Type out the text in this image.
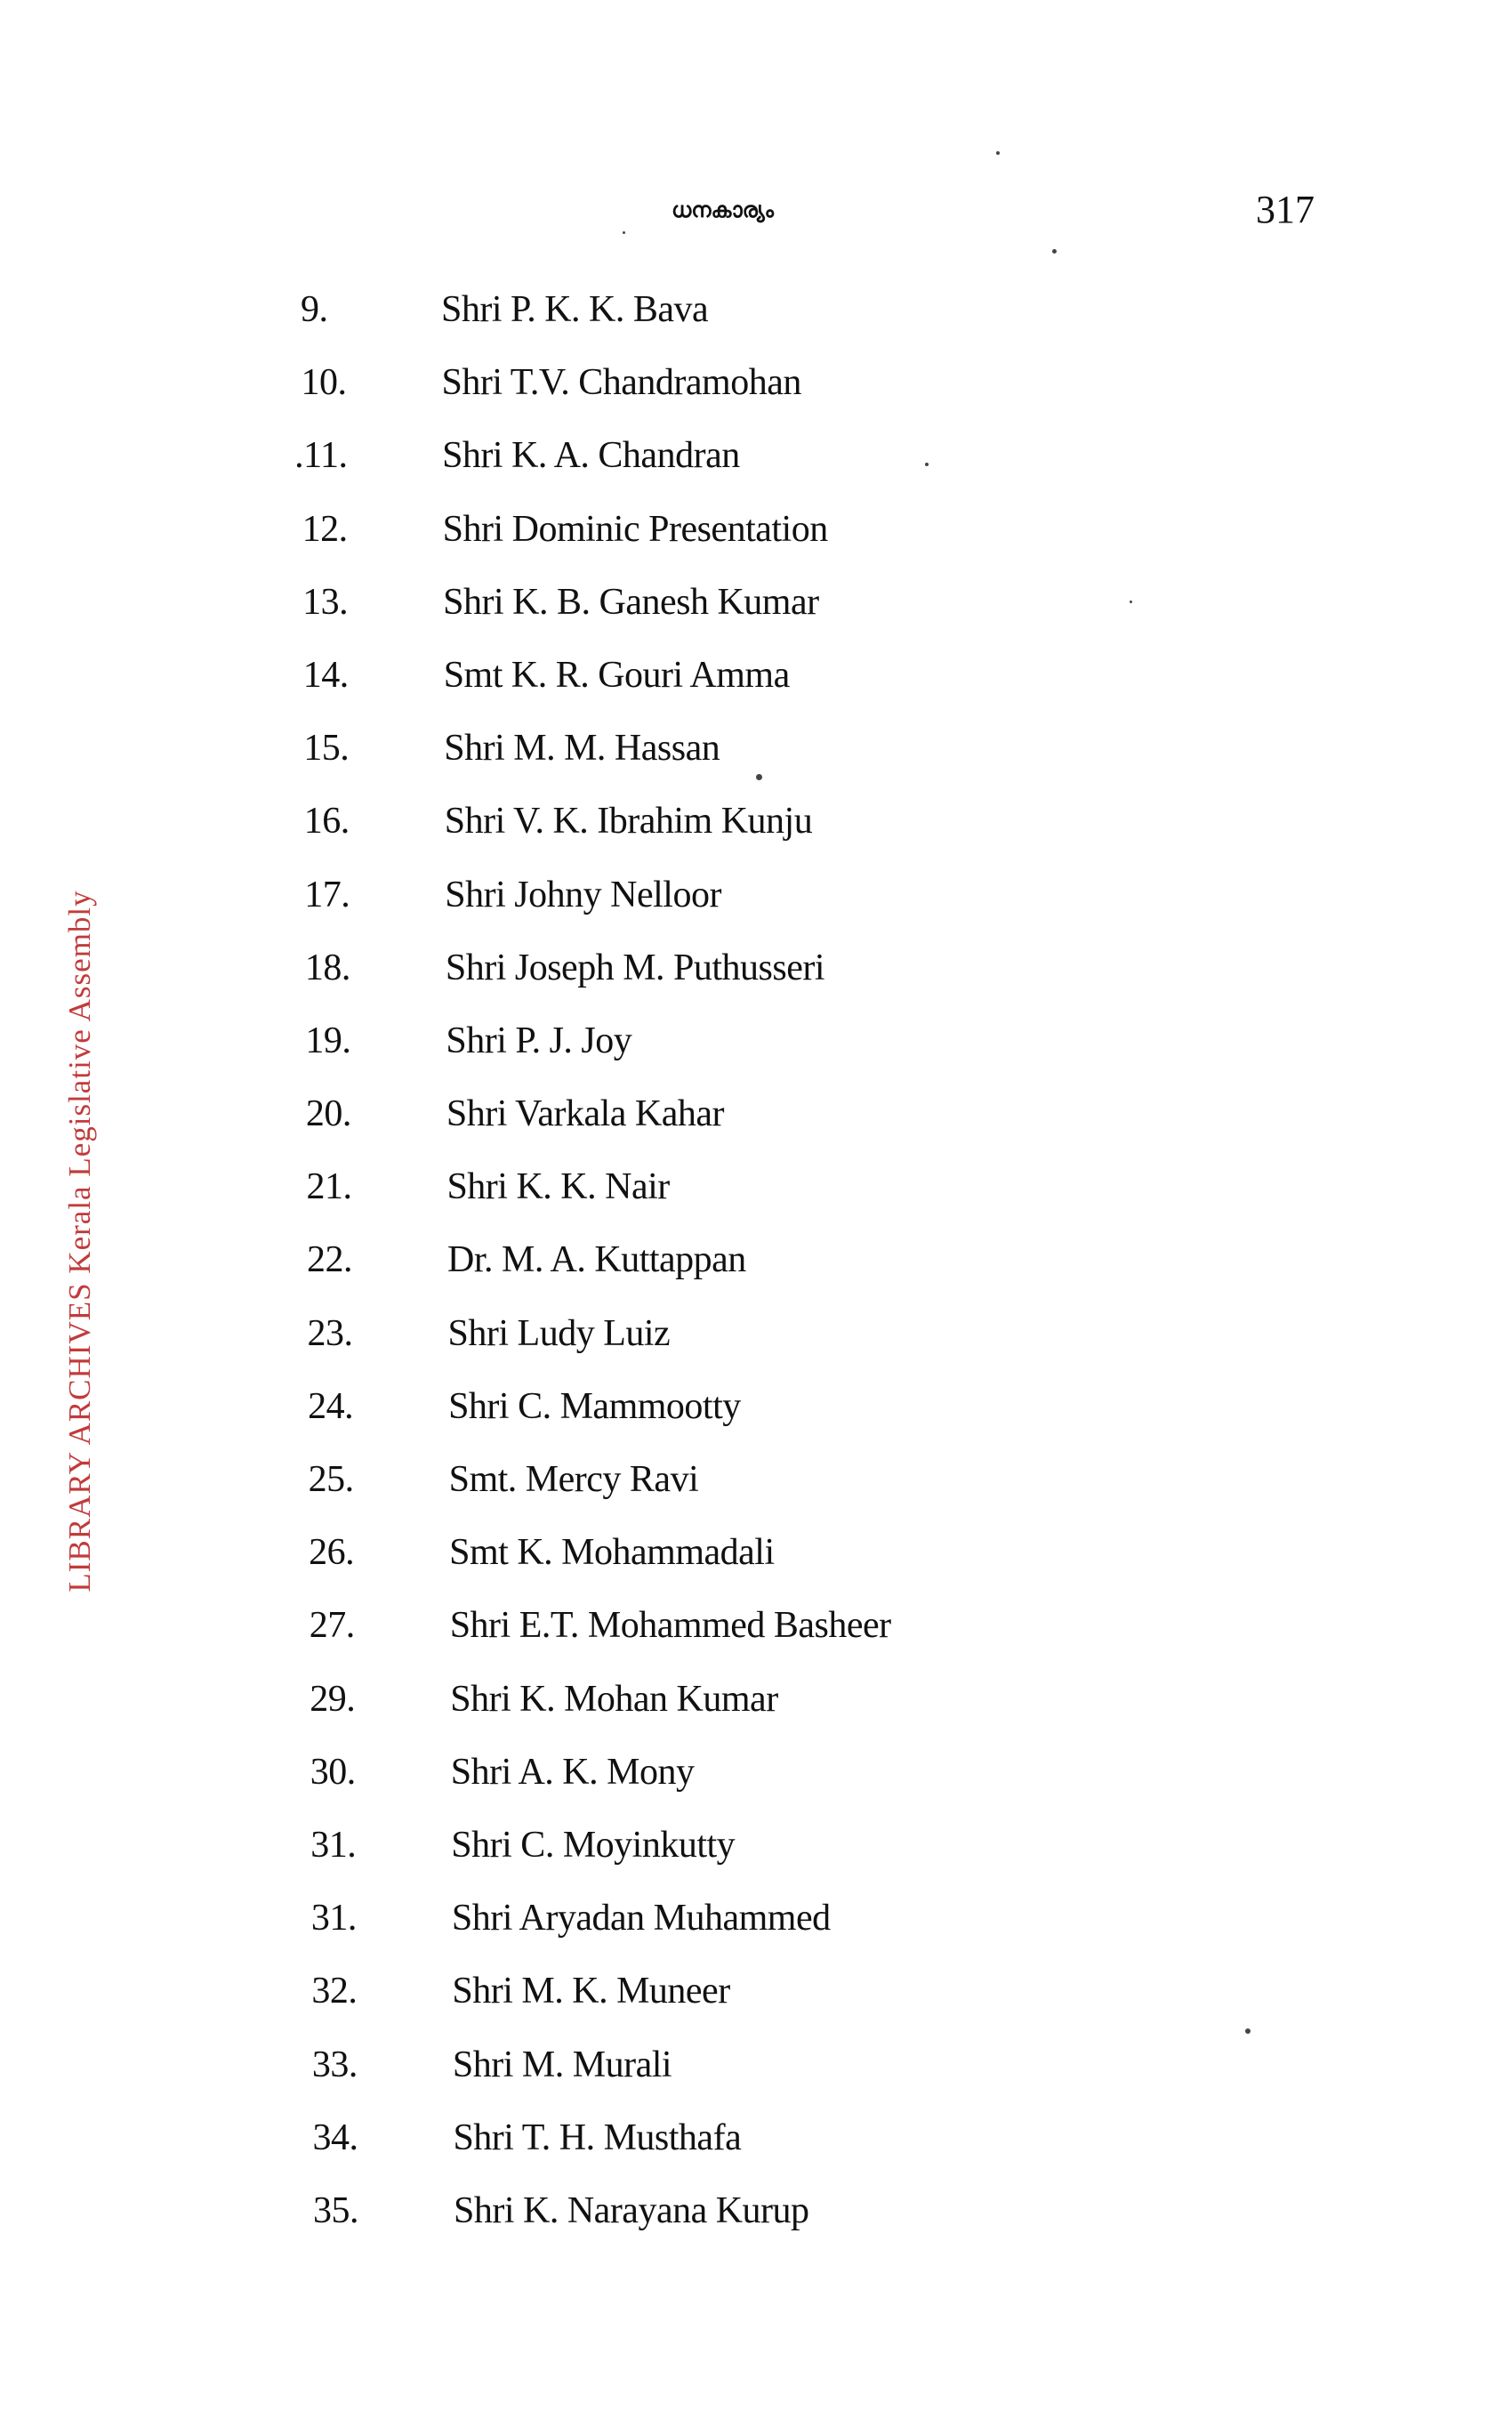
LIBRARY ARCHIVES Kerala Legislative Assembly
ധനകാര്യം	317
9.	Shri P. K. K. Bava
10.	Shri T.V. Chandramohan
.11.	Shri K. A. Chandran
12.	Shri Dominic Presentation
13.	Shri K. B. Ganesh Kumar
14.	Smt K. R. Gouri Amma
15.	Shri M. M. Hassan
16.	Shri V. K. Ibrahim Kunju
17.	Shri Johny Nelloor
18.	Shri Joseph M. Puthusseri
19.	Shri P. J. Joy
20.	Shri Varkala Kahar
21.	Shri K. K. Nair
22.	Dr. M. A. Kuttappan
23.	Shri Ludy Luiz
24.	Shri C. Mammootty
25.	Smt. Mercy Ravi
26.	Smt K. Mohammadali
27.	Shri E.T. Mohammed Basheer
29.	Shri K. Mohan Kumar
30.	Shri A. K. Mony
31.	Shri C. Moyinkutty
31.	Shri Aryadan Muhammed
32.	Shri M. K. Muneer
33.	Shri M. Murali
34.	Shri T. H. Musthafa
35.	Shri K. Narayana Kurup
